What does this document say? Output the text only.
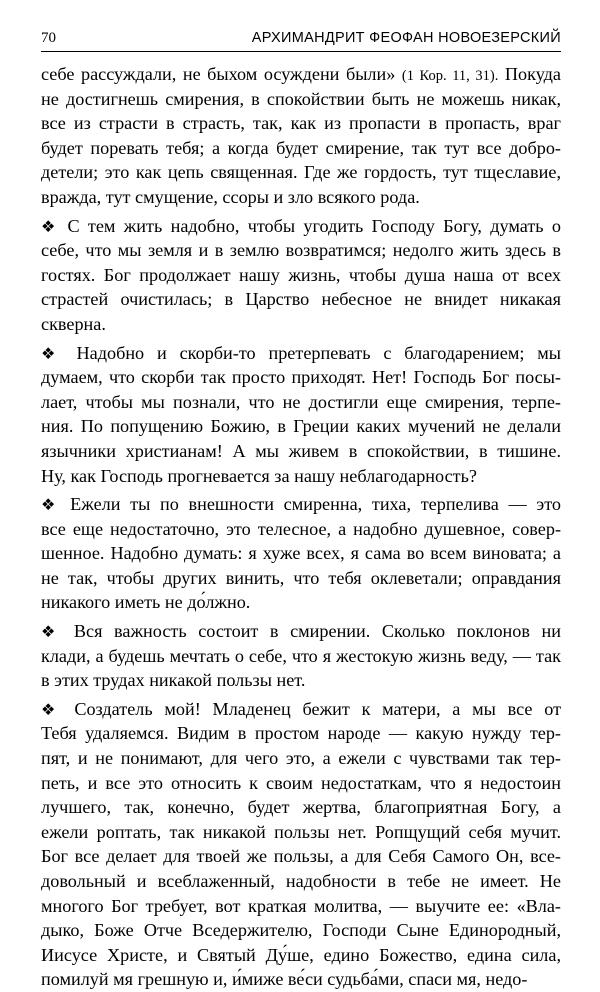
70	АРХИМАНДРИТ ФЕОФАН НОВОЕЗЕРСКИЙ
себе рассуждали, не быхом осуждени были» (1 Кор. 11, 31). Покуда
не достигнешь смирения, в спокойствии быть не можешь никак,
все из страсти в страсть, так, как из пропасти в пропасть, враг
будет поревать тебя; а когда будет смирение, так тут все добро-
детели; это как цепь священная. Где же гордость, тут тщеславие,
вражда, тут смущение, ссоры и зло всякого рода.
❖ С тем жить надобно, чтобы угодить Господу Богу, думать о
себе, что мы земля и в землю возвратимся; недолго жить здесь в
гостях. Бог продолжает нашу жизнь, чтобы душа наша от всех
страстей очистилась; в Царство небесное не внидет никакая
скверна.
❖ Надобно и скорби-то претерпевать с благодарением; мы
думаем, что скорби так просто приходят. Нет! Господь Бог посы-
лает, чтобы мы познали, что не достигли еще смирения, терпе-
ния. По попущению Божию, в Греции каких мучений не делали
язычники христианам! А мы живем в спокойствии, в тишине.
Ну, как Господь прогневается за нашу неблагодарность?
❖ Ежели ты по внешности смиренна, тиха, терпелива — это
все еще недостаточно, это телесное, а надобно душевное, совер-
шенное. Надобно думать: я хуже всех, я сама во всем виновата; а
не так, чтобы других винить, что тебя оклеветали; оправдания
никакого иметь не до́лжно.
❖ Вся важность состоит в смирении. Сколько поклонов ни
клади, а будешь мечтать о себе, что я жестокую жизнь веду, — так
в этих трудах никакой пользы нет.
❖ Создатель мой! Младенец бежит к матери, а мы все от
Тебя удаляемся. Видим в простом народе — какую нужду тер-
пят, и не понимают, для чего это, а ежели с чувствами так тер-
петь, и все это относить к своим недостаткам, что я недостоин
лучшего, так, конечно, будет жертва, благоприятная Богу, а
ежели роптать, так никакой пользы нет. Ропщущий себя мучит.
Бог все делает для твоей же пользы, а для Себя Самого Он, все-
довольный и всеблаженный, надобности в тебе не имеет. Не
многого Бог требует, вот краткая молитва, — выучите ее: «Вла-
дыко, Боже Отче Вседержителю, Господи Сыне Единородный,
Иисусе Христе, и Святый Ду́ше, едино Божество, едина сила,
помилуй мя грешную и, и́миже ве́си судьба́ми, спаси мя, недо-
